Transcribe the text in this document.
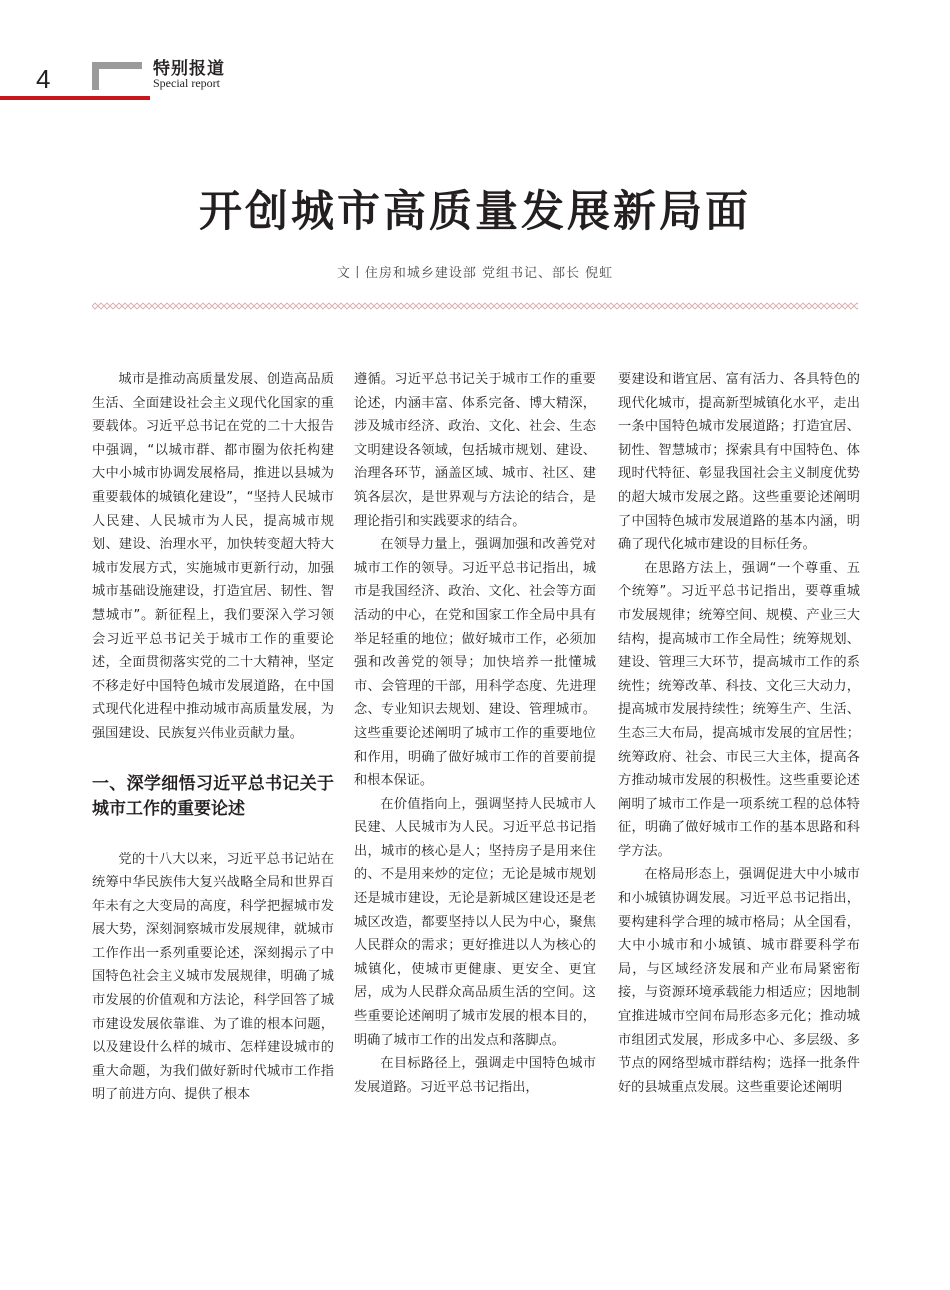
4	特别报道
Special report
开创城市高质量发展新局面
文丨住房和城乡建设部 党组书记、部长 倪虹

城市是推动高质量发展、创造高品质生活、全面建设社会主义现代化国家的重要载体。习近平总书记在党的二十大报告中强调，“以城市群、都市圈为依托构建大中小城市协调发展格局，推进以县城为重要载体的城镇化建设”，“坚持人民城市人民建、人民城市为人民，提高城市规划、建设、治理水平，加快转变超大特大城市发展方式，实施城市更新行动，加强城市基础设施建设，打造宜居、韧性、智慧城市”。新征程上，我们要深入学习领会习近平总书记关于城市工作的重要论述，全面贯彻落实党的二十大精神，坚定不移走好中国特色城市发展道路，在中国式现代化进程中推动城市高质量发展，为强国建设、民族复兴伟业贡献力量。

一、深学细悟习近平总书记关于城市工作的重要论述

党的十八大以来，习近平总书记站在统筹中华民族伟大复兴战略全局和世界百年未有之大变局的高度，科学把握城市发展大势，深刻洞察城市发展规律，就城市工作作出一系列重要论述，深刻揭示了中国特色社会主义城市发展规律，明确了城市发展的价值观和方法论，科学回答了城市建设发展依靠谁、为了谁的根本问题，以及建设什么样的城市、怎样建设城市的重大命题，为我们做好新时代城市工作指明了前进方向、提供了根本

遵循。习近平总书记关于城市工作的重要论述，内涵丰富、体系完备、博大精深，涉及城市经济、政治、文化、社会、生态文明建设各领域，包括城市规划、建设、治理各环节，涵盖区域、城市、社区、建筑各层次，是世界观与方法论的结合，是理论指引和实践要求的结合。

在领导力量上，强调加强和改善党对城市工作的领导。习近平总书记指出，城市是我国经济、政治、文化、社会等方面活动的中心，在党和国家工作全局中具有举足轻重的地位；做好城市工作，必须加强和改善党的领导；加快培养一批懂城市、会管理的干部，用科学态度、先进理念、专业知识去规划、建设、管理城市。这些重要论述阐明了城市工作的重要地位和作用，明确了做好城市工作的首要前提和根本保证。

在价值指向上，强调坚持人民城市人民建、人民城市为人民。习近平总书记指出，城市的核心是人；坚持房子是用来住的、不是用来炒的定位；无论是城市规划还是城市建设，无论是新城区建设还是老城区改造，都要坚持以人民为中心，聚焦人民群众的需求；更好推进以人为核心的城镇化，使城市更健康、更安全、更宜居，成为人民群众高品质生活的空间。这些重要论述阐明了城市发展的根本目的，明确了城市工作的出发点和落脚点。

在目标路径上，强调走中国特色城市发展道路。习近平总书记指出，

要建设和谐宜居、富有活力、各具特色的现代化城市，提高新型城镇化水平，走出一条中国特色城市发展道路；打造宜居、韧性、智慧城市；探索具有中国特色、体现时代特征、彰显我国社会主义制度优势的超大城市发展之路。这些重要论述阐明了中国特色城市发展道路的基本内涵，明确了现代化城市建设的目标任务。

在思路方法上，强调“一个尊重、五个统筹”。习近平总书记指出，要尊重城市发展规律；统筹空间、规模、产业三大结构，提高城市工作全局性；统筹规划、建设、管理三大环节，提高城市工作的系统性；统筹改革、科技、文化三大动力，提高城市发展持续性；统筹生产、生活、生态三大布局，提高城市发展的宜居性；统筹政府、社会、市民三大主体，提高各方推动城市发展的积极性。这些重要论述阐明了城市工作是一项系统工程的总体特征，明确了做好城市工作的基本思路和科学方法。

在格局形态上，强调促进大中小城市和小城镇协调发展。习近平总书记指出，要构建科学合理的城市格局；从全国看，大中小城市和小城镇、城市群要科学布局，与区域经济发展和产业布局紧密衔接，与资源环境承载能力相适应；因地制宜推进城市空间布局形态多元化；推动城市组团式发展，形成多中心、多层级、多节点的网络型城市群结构；选择一批条件好的县城重点发展。这些重要论述阐明
